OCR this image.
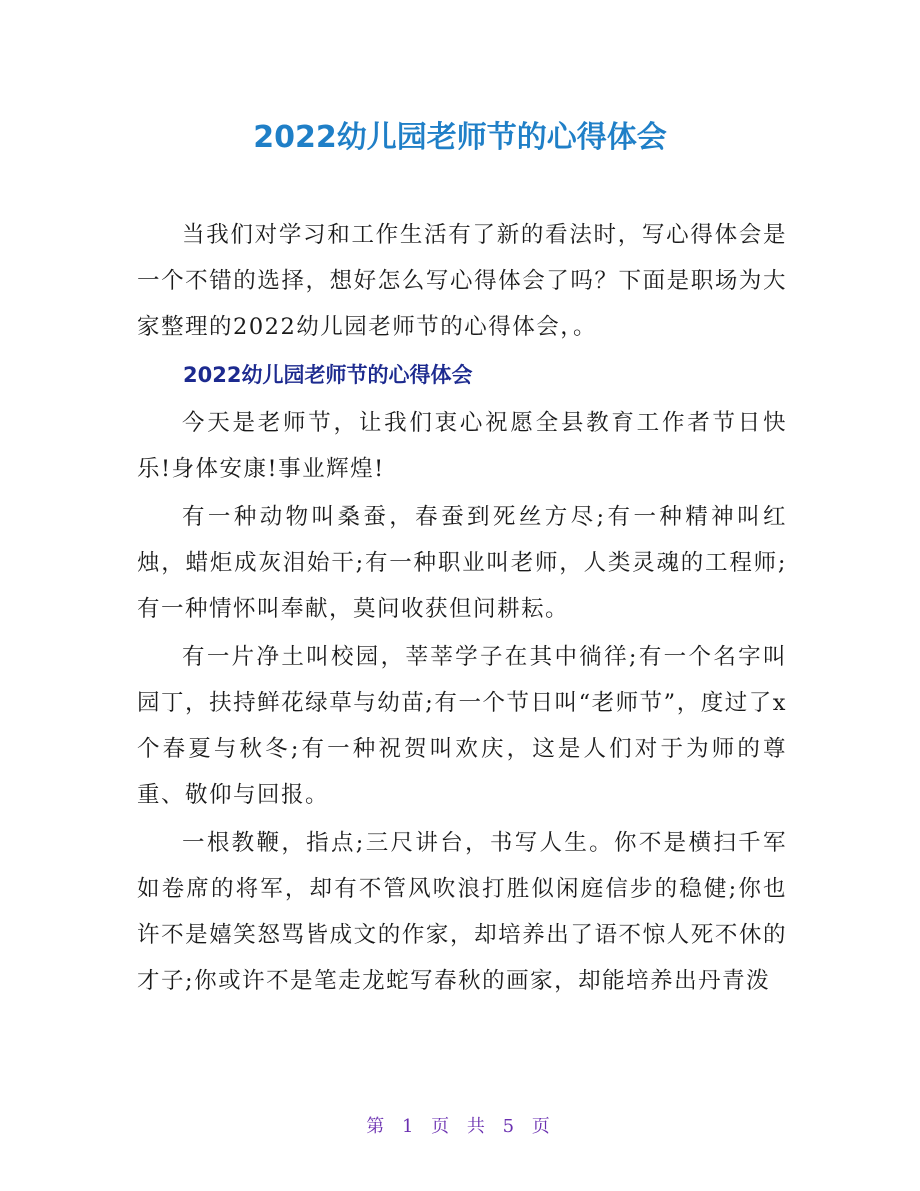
2022幼儿园老师节的心得体会

当我们对学习和工作生活有了新的看法时，写心得体会是一个不错的选择，想好怎么写心得体会了吗？下面是职场为大家整理的2022幼儿园老师节的心得体会，。

2022幼儿园老师节的心得体会

今天是老师节，让我们衷心祝愿全县教育工作者节日快乐!身体安康!事业辉煌!

有一种动物叫桑蚕，春蚕到死丝方尽;有一种精神叫红烛，蜡炬成灰泪始干;有一种职业叫老师，人类灵魂的工程师;有一种情怀叫奉献，莫问收获但问耕耘。

有一片净土叫校园，莘莘学子在其中徜徉;有一个名字叫园丁，扶持鲜花绿草与幼苗;有一个节日叫“老师节”，度过了x个春夏与秋冬;有一种祝贺叫欢庆，这是人们对于为师的尊重、敬仰与回报。

一根教鞭，指点;三尺讲台，书写人生。你不是横扫千军如卷席的将军，却有不管风吹浪打胜似闲庭信步的稳健;你也许不是嬉笑怒骂皆成文的作家，却培养出了语不惊人死不休的才子;你或许不是笔走龙蛇写春秋的画家，却能培养出丹青泼

第 1 页 共 5 页
